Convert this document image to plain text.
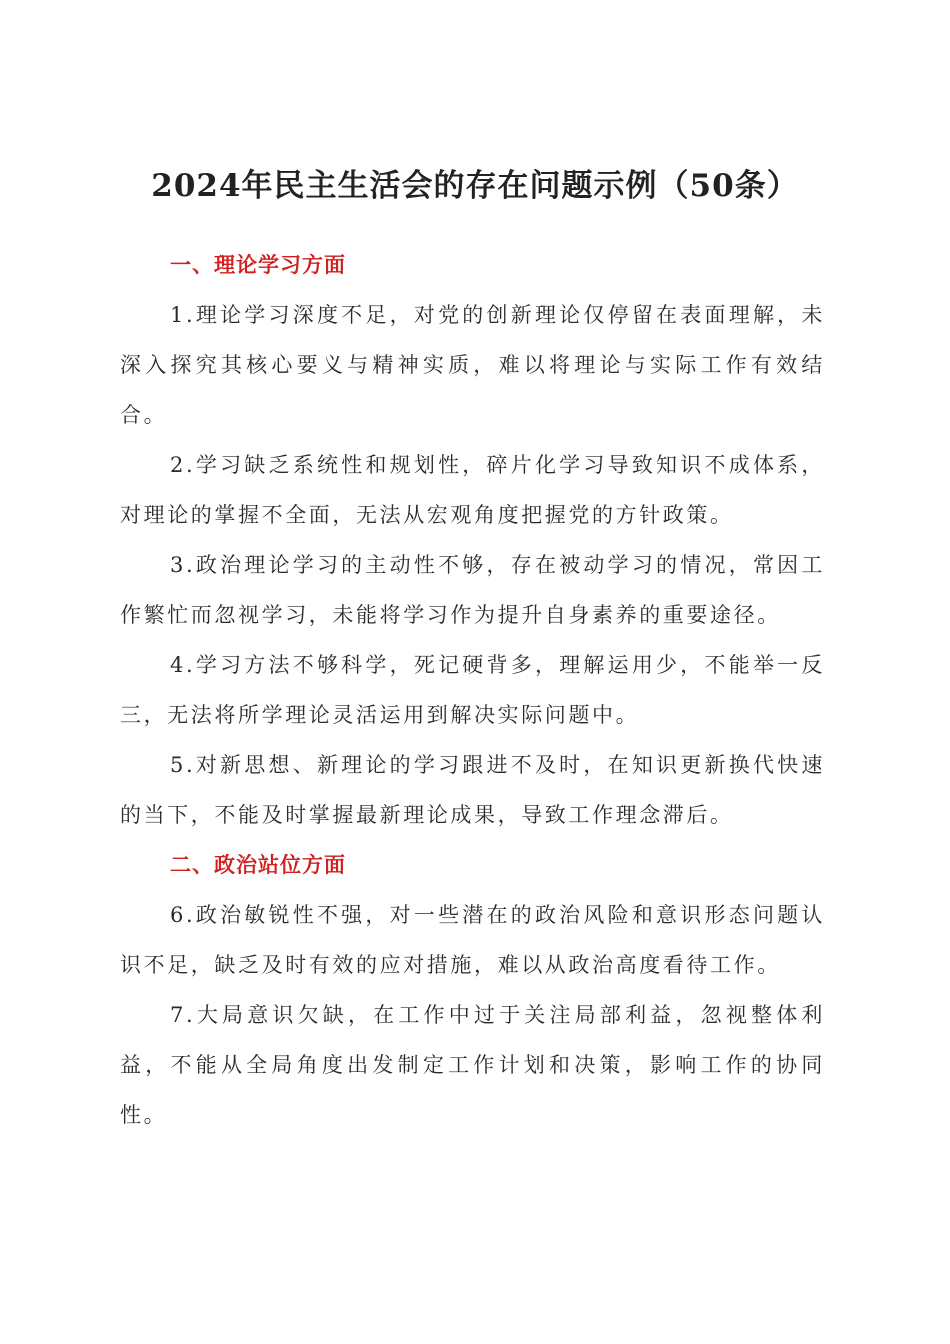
2024年民主生活会的存在问题示例（50条）
一、理论学习方面

1.理论学习深度不足，对党的创新理论仅停留在表面理解，未深入探究其核心要义与精神实质，难以将理论与实际工作有效结合。

2.学习缺乏系统性和规划性，碎片化学习导致知识不成体系，对理论的掌握不全面，无法从宏观角度把握党的方针政策。

3.政治理论学习的主动性不够，存在被动学习的情况，常因工作繁忙而忽视学习，未能将学习作为提升自身素养的重要途径。

4.学习方法不够科学，死记硬背多，理解运用少，不能举一反三，无法将所学理论灵活运用到解决实际问题中。

5.对新思想、新理论的学习跟进不及时，在知识更新换代快速的当下，不能及时掌握最新理论成果，导致工作理念滞后。

二、政治站位方面

6.政治敏锐性不强，对一些潜在的政治风险和意识形态问题认识不足，缺乏及时有效的应对措施，难以从政治高度看待工作。

7.大局意识欠缺，在工作中过于关注局部利益，忽视整体利益，不能从全局角度出发制定工作计划和决策，影响工作的协同性。
